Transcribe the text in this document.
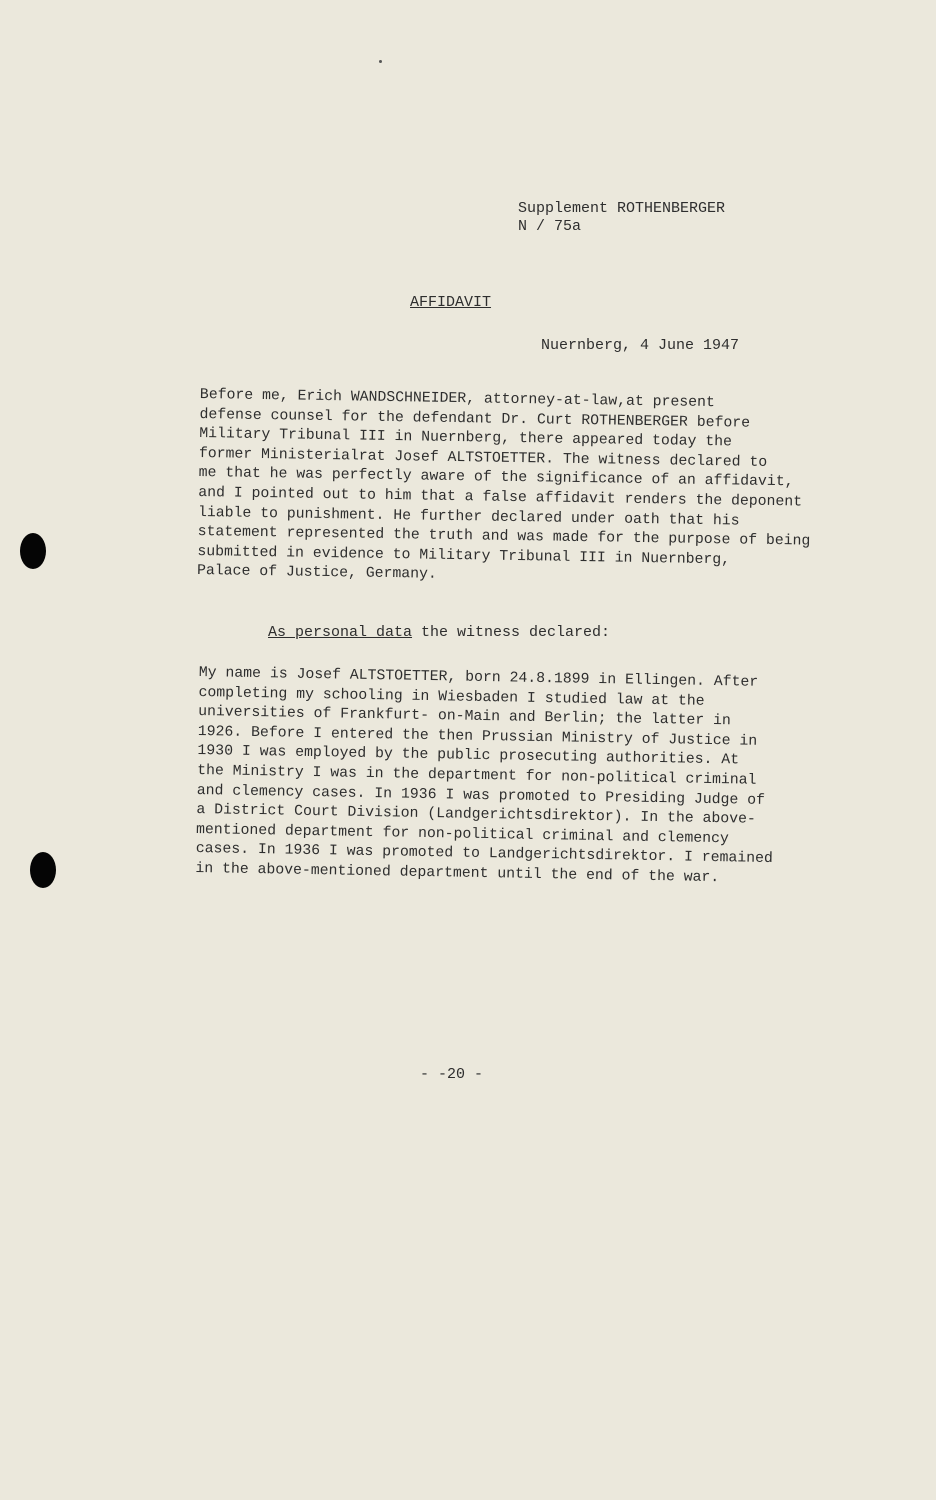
Supplement ROTHENBERGER
N / 75a
AFFIDAVIT
Nuernberg, 4 June 1947
Before me, Erich WANDSCHNEIDER, attorney-at-law,at present
defense counsel for the defendant Dr. Curt ROTHENBERGER before
Military Tribunal III in Nuernberg, there appeared today the
former Ministerialrat Josef ALTSTOETTER. The witness declared to
me that he was perfectly aware of the significance of an affidavit,
and I pointed out to him that a false affidavit renders the deponent
liable to punishment. He further declared under oath that his
statement represented the truth and was made for the purpose of being
submitted in evidence to Military Tribunal III in Nuernberg,
Palace of Justice, Germany.
As personal data the witness declared:
My name is Josef ALTSTOETTER, born 24.8.1899 in Ellingen. After
completing my schooling in Wiesbaden I studied law at the
universities of Frankfurt- on-Main and Berlin; the latter in
1926. Before I entered the then Prussian Ministry of Justice in
1930 I was employed by the public prosecuting authorities. At
the Ministry I was in the department for non-political criminal
and clemency cases. In 1936 I was promoted to Presiding Judge of
a District Court Division (Landgerichtsdirektor). In the above-
mentioned department for non-political criminal and clemency
cases. In 1936 I was promoted to Landgerichtsdirektor. I remained
in the above-mentioned department until the end of the war.
- -20 -
